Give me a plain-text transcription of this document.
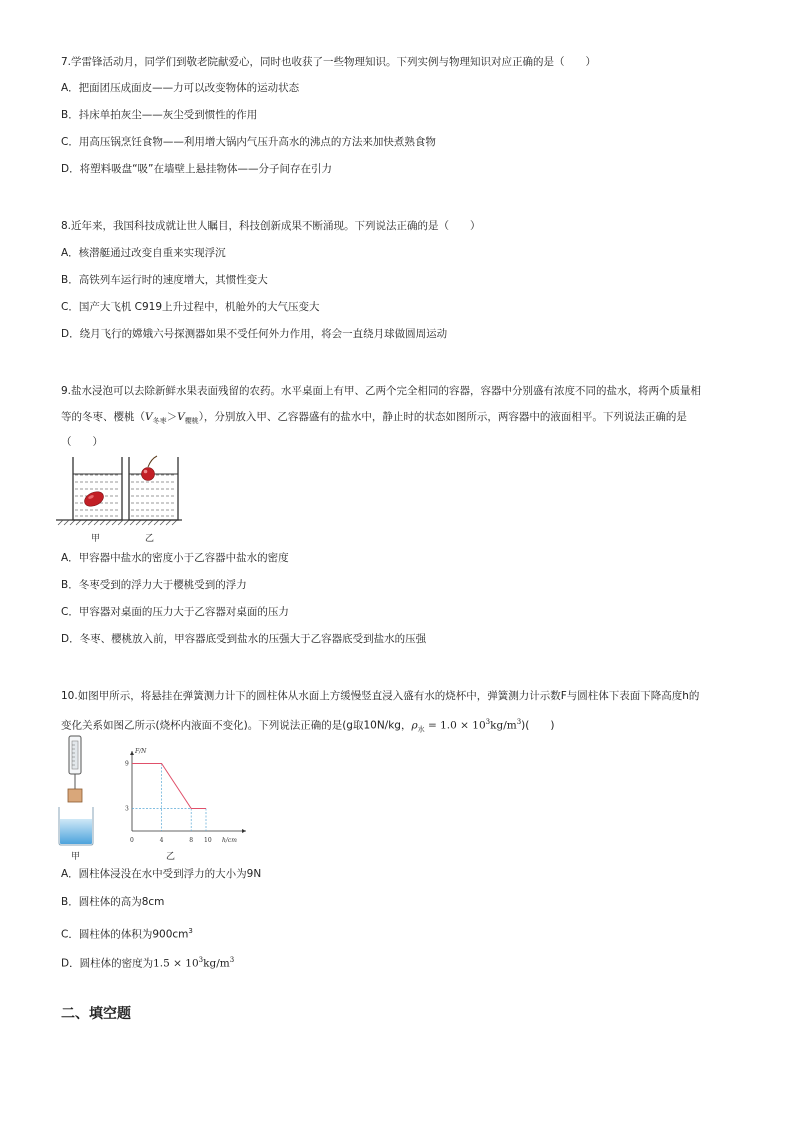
7.学雷锋活动月，同学们到敬老院献爱心，同时也收获了一些物理知识。下列实例与物理知识对应正确的是（　　）
A．把面团压成面皮——力可以改变物体的运动状态
B．抖床单拍灰尘——灰尘受到惯性的作用
C．用高压锅烹饪食物——利用增大锅内气压升高水的沸点的方法来加快煮熟食物
D．将塑料吸盘“吸”在墙壁上悬挂物体——分子间存在引力
8.近年来，我国科技成就让世人瞩目，科技创新成果不断涌现。下列说法正确的是（　　）
A．核潜艇通过改变自重来实现浮沉
B．高铁列车运行时的速度增大，其惯性变大
C．国产大飞机 C919上升过程中，机舱外的大气压变大
D．绕月飞行的嫦娥六号探测器如果不受任何外力作用，将会一直绕月球做圆周运动
9.盐水浸泡可以去除新鲜水果表面残留的农药。水平桌面上有甲、乙两个完全相同的容器，容器中分别盛有浓度不同的盐水，将两个质量相
等的冬枣、樱桃$(V_{冬枣}>V_{樱桃})$，分别放入甲、乙容器盛有的盐水中，静止时的状态如图所示，两容器中的液面相平。下列说法正确的是
（　　）
甲	乙
A．甲容器中盐水的密度小于乙容器中盐水的密度
B．冬枣受到的浮力大于樱桃受到的浮力
C．甲容器对桌面的压力大于乙容器对桌面的压力
D．冬枣、樱桃放入前，甲容器底受到盐水的压强大于乙容器底受到盐水的压强
10.如图甲所示，将悬挂在弹簧测力计下的圆柱体从水面上方缓慢竖直浸入盛有水的烧杯中，弹簧测力计示数F与圆柱体下表面下降高度h的
变化关系如图乙所示(烧杯内液面不变化)。下列说法正确的是(g取10N/kg，$\rho_水 = 1.0 \times 10^3kg/m^3$)(　　)
甲
F/N
h/cm
0	4	8 10
3
9
乙
A．圆柱体浸没在水中受到浮力的大小为9N
B．圆柱体的高为8cm
C．圆柱体的体积为$900cm^3$
D．圆柱体的密度为$1.5 \times 10^3kg/m^3$
二、填空题
